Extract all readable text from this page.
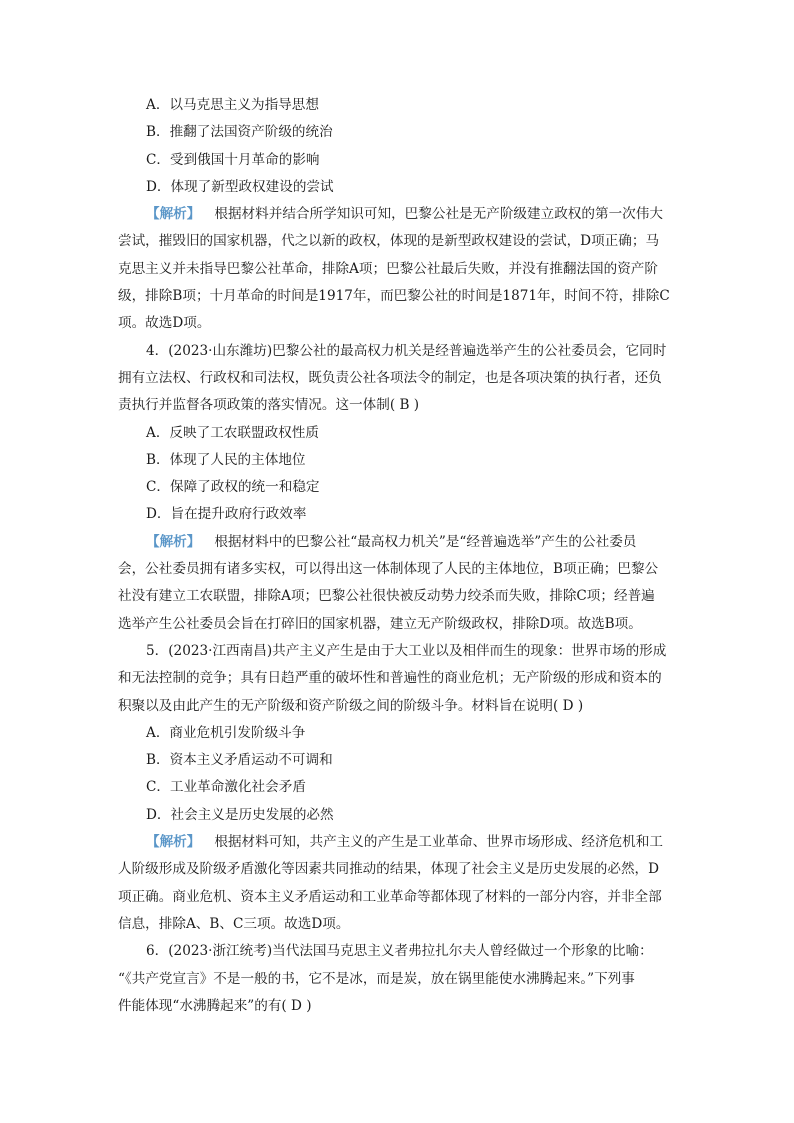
A．以马克思主义为指导思想
B．推翻了法国资产阶级的统治
C．受到俄国十月革命的影响
D．体现了新型政权建设的尝试
【解析】 根据材料并结合所学知识可知，巴黎公社是无产阶级建立政权的第一次伟大
尝试，摧毁旧的国家机器，代之以新的政权，体现的是新型政权建设的尝试，D项正确；马
克思主义并未指导巴黎公社革命，排除A项；巴黎公社最后失败，并没有推翻法国的资产阶
级，排除B项；十月革命的时间是1917年，而巴黎公社的时间是1871年，时间不符，排除C
项。故选D项。
4．(2023·山东潍坊)巴黎公社的最高权力机关是经普遍选举产生的公社委员会，它同时
拥有立法权、行政权和司法权，既负责公社各项法令的制定，也是各项决策的执行者，还负
责执行并监督各项政策的落实情况。这一体制( B )
A．反映了工农联盟政权性质
B．体现了人民的主体地位
C．保障了政权的统一和稳定
D．旨在提升政府行政效率
【解析】 根据材料中的巴黎公社“最高权力机关”是“经普遍选举”产生的公社委员
会，公社委员拥有诸多实权，可以得出这一体制体现了人民的主体地位，B项正确；巴黎公
社没有建立工农联盟，排除A项；巴黎公社很快被反动势力绞杀而失败，排除C项；经普遍
选举产生公社委员会旨在打碎旧的国家机器，建立无产阶级政权，排除D项。故选B项。
5．(2023·江西南昌)共产主义产生是由于大工业以及相伴而生的现象：世界市场的形成
和无法控制的竞争；具有日趋严重的破坏性和普遍性的商业危机；无产阶级的形成和资本的
积聚以及由此产生的无产阶级和资产阶级之间的阶级斗争。材料旨在说明( D )
A．商业危机引发阶级斗争
B．资本主义矛盾运动不可调和
C．工业革命激化社会矛盾
D．社会主义是历史发展的必然
【解析】 根据材料可知，共产主义的产生是工业革命、世界市场形成、经济危机和工
人阶级形成及阶级矛盾激化等因素共同推动的结果，体现了社会主义是历史发展的必然，D
项正确。商业危机、资本主义矛盾运动和工业革命等都体现了材料的一部分内容，并非全部
信息，排除A、B、C三项。故选D项。
6．(2023·浙江统考)当代法国马克思主义者弗拉扎尔夫人曾经做过一个形象的比喻：
“《共产党宣言》不是一般的书，它不是冰，而是炭，放在锅里能使水沸腾起来。”下列事
件能体现“水沸腾起来”的有( D )
